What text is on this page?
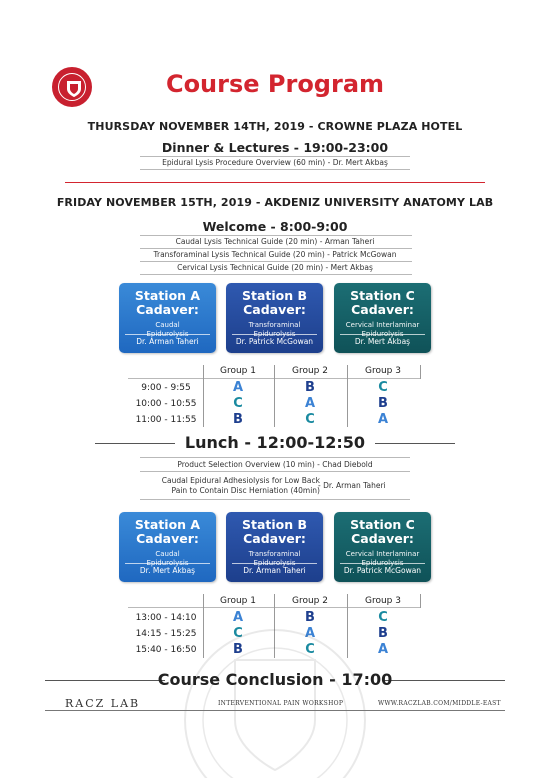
Course Program
THURSDAY NOVEMBER 14TH, 2019 - CROWNE PLAZA HOTEL
Dinner & Lectures - 19:00-23:00
Epidural Lysis Procedure Overview (60 min) - Dr. Mert Akbaş
FRIDAY NOVEMBER 15TH, 2019 - AKDENIZ UNIVERSITY ANATOMY LAB
Welcome - 8:00-9:00
Caudal Lysis Technical Guide (20 min) - Arman Taheri
Transforaminal Lysis Technical Guide (20 min) - Patrick McGowan
Cervical Lysis Technical Guide (20 min) - Mert Akbaş
Station A
Cadaver:
Caudal
Epidurolysis
Dr. Arman Taheri
Station B
Cadaver:
Transforaminal
Epidurolysis
Dr. Patrick McGowan
Station C
Cadaver:
Cervical Interlaminar
Epidurolysis
Dr. Mert Akbaş
Group 1	Group 2	Group 3
9:00 - 9:55	A	B	C
10:00 - 10:55	C	A	B
11:00 - 11:55	B	C	A
Lunch - 12:00-12:50
Product Selection Overview (10 min) - Chad Diebold
Caudal Epidural Adhesiolysis for Low Back
Pain to Contain Disc Herniation (40min)
- Dr. Arman Taheri
Station A
Cadaver:
Caudal
Epidurolysis
Dr. Mert Akbaş
Station B
Cadaver:
Transforaminal
Epidurolysis
Dr. Arman Taheri
Station C
Cadaver:
Cervical Interlaminar
Epidurolysis
Dr. Patrick McGowan
Group 1	Group 2	Group 3
13:00 - 14:10	A	B	C
14:15 - 15:25	C	A	B
15:40 - 16:50	B	C	A
Course Conclusion - 17:00
RACZ LAB	INTERVENTIONAL PAIN WORKSHOP	WWW.RACZLAB.COM/MIDDLE-EAST
